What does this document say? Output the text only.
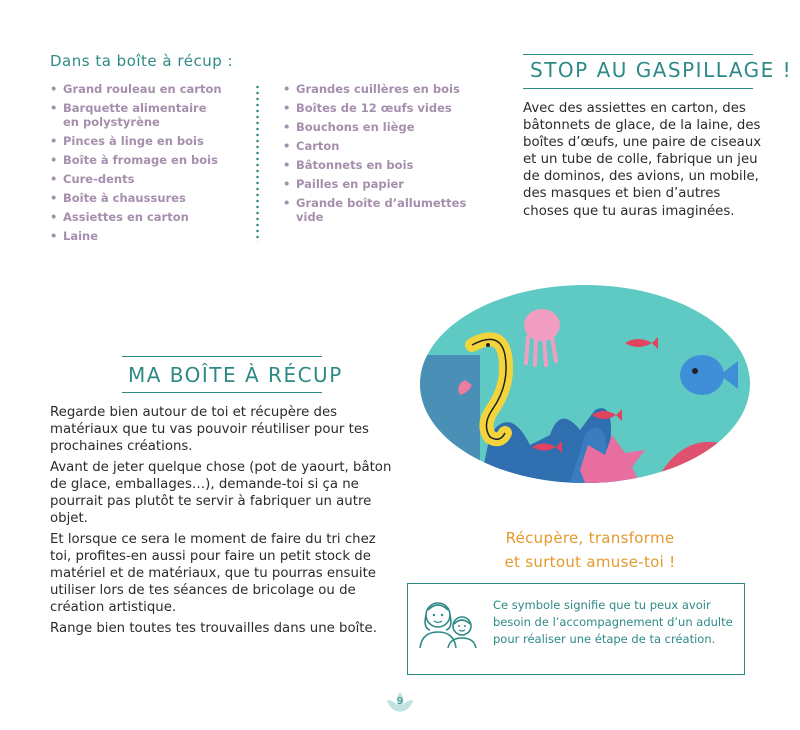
Dans ta boîte à récup :
• Grand rouleau en carton
• Barquette alimentaire en polystyrène
• Pinces à linge en bois
• Boîte à fromage en bois
• Cure-dents
• Boîte à chaussures
• Assiettes en carton
• Laine
• Grandes cuillères en bois
• Boîtes de 12 œufs vides
• Bouchons en liège
• Carton
• Bâtonnets en bois
• Pailles en papier
• Grande boîte d’allumettes vide
STOP AU GASPILLAGE !
Avec des assiettes en carton, des bâtonnets de glace, de la laine, des boîtes d’œufs, une paire de ciseaux et un tube de colle, fabrique un jeu de dominos, des avions, un mobile, des masques et bien d’autres choses que tu auras imaginées.
MA BOÎTE À RÉCUP

Regarde bien autour de toi et récupère des matériaux que tu vas pouvoir réutiliser pour tes prochaines créations.

Avant de jeter quelque chose (pot de yaourt, bâton de glace, emballages…), demande-toi si ça ne pourrait pas plutôt te servir à fabriquer un autre objet.

Et lorsque ce sera le moment de faire du tri chez toi, profites-en aussi pour faire un petit stock de matériel et de matériaux, que tu pourras ensuite utiliser lors de tes séances de bricolage ou de création artistique.

Range bien toutes tes trouvailles dans une boîte.

Récupère, transforme
et surtout amuse-toi !
Ce symbole signifie que tu peux avoir besoin de l’accompagnement d’un adulte pour réaliser une étape de ta création.
9
